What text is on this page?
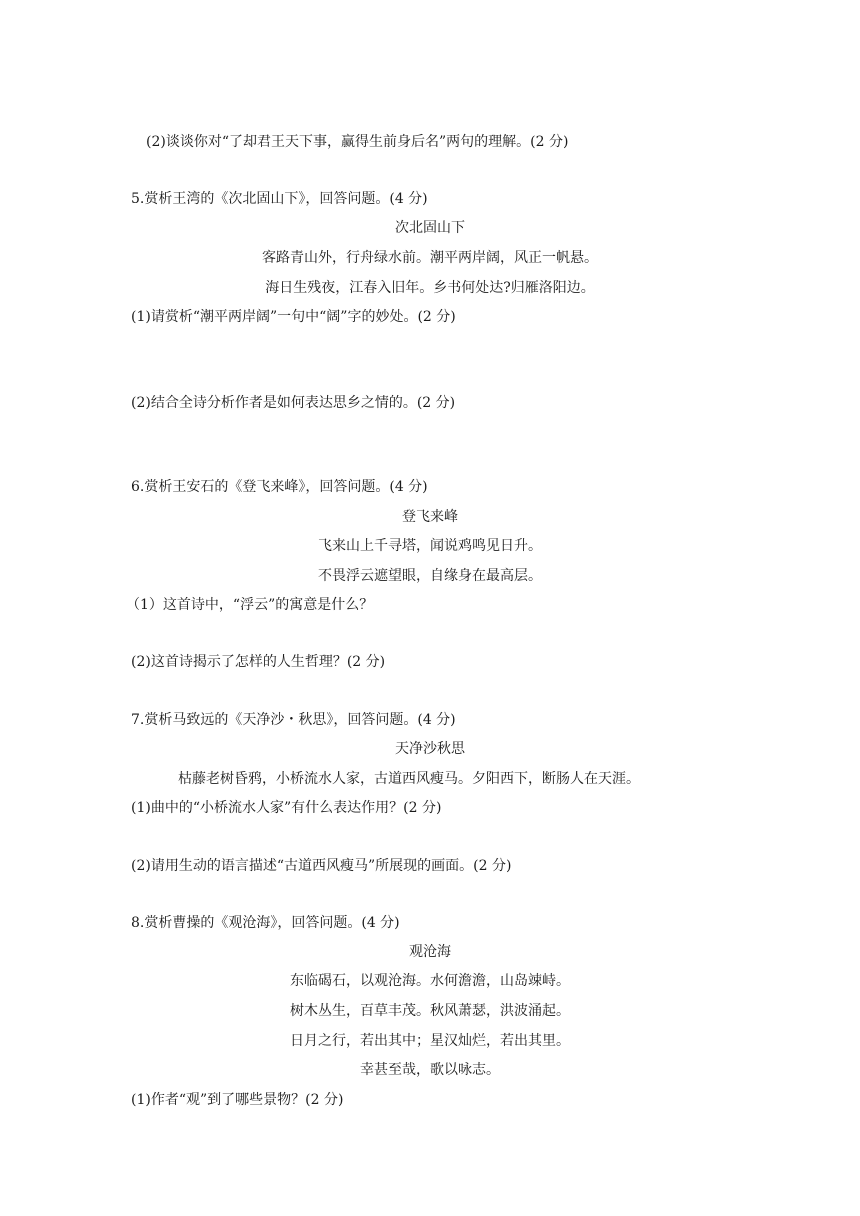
(2)谈谈你对“了却君王天下事，赢得生前身后名”两句的理解。(2 分)
5.赏析王湾的《次北固山下》，回答问题。(4 分)
次北固山下
客路青山外，行舟绿水前。潮平两岸阔，风正一帆悬。
海日生残夜，江春入旧年。乡书何处达?归雁洛阳边。
(1)请赏析“潮平两岸阔”一句中“阔”字的妙处。(2 分)
(2)结合全诗分析作者是如何表达思乡之情的。(2 分)
6.赏析王安石的《登飞来峰》，回答问题。(4 分)
登飞来峰
飞来山上千寻塔，闻说鸡鸣见日升。
不畏浮云遮望眼，自缘身在最高层。
（1）这首诗中，“浮云”的寓意是什么？
(2)这首诗揭示了怎样的人生哲理？(2 分)
7.赏析马致远的《天净沙・秋思》，回答问题。(4 分)
天净沙秋思
枯藤老树昏鸦，小桥流水人家，古道西风瘦马。夕阳西下，断肠人在天涯。
(1)曲中的“小桥流水人家”有什么表达作用？(2 分)
(2)请用生动的语言描述“古道西风瘦马”所展现的画面。(2 分)
8.赏析曹操的《观沧海》，回答问题。(4 分)
观沧海
东临碣石，以观沧海。水何澹澹，山岛竦峙。
树木丛生，百草丰茂。秋风萧瑟，洪波涌起。
日月之行，若出其中；星汉灿烂，若出其里。
幸甚至哉，歌以咏志。
(1)作者“观”到了哪些景物？(2 分)
